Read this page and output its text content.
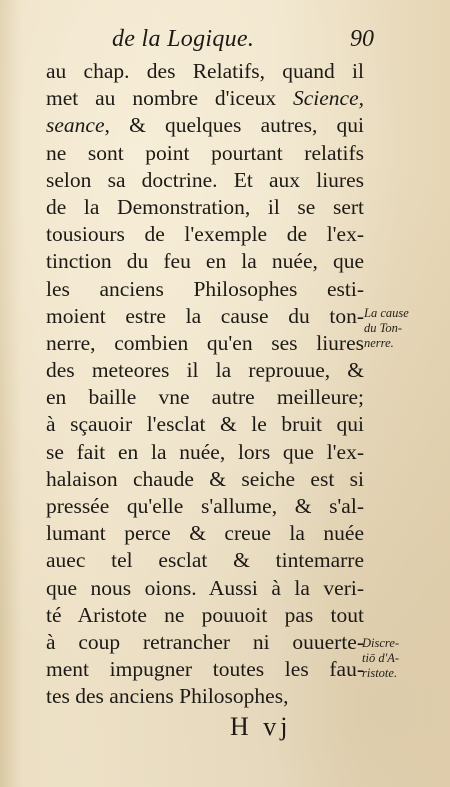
de la Logique.	90
au chap. des Relatifs, quand il
met au nombre d'iceux Science,
seance, & quelques autres, qui
ne sont point pourtant relatifs
selon sa doctrine. Et aux liures
de la Demonstration, il se sert
tousiours de l'exemple de l'ex-
tinction du feu en la nuée, que
les anciens Philosophes esti-
moient estre la cause du ton-
nerre, combien qu'en ses liures
des meteores il la reprouue, &
en baille vne autre meilleure;
à sçauoir l'esclat & le bruit qui
se fait en la nuée, lors que l'ex-
halaison chaude & seiche est si
pressée qu'elle s'allume, & s'al-
lumant perce & creue la nuée
auec tel esclat & tintemarre
que nous oions. Aussi à la veri-
té Aristote ne pouuoit pas tout
à coup retrancher ni ouuerte-
ment impugner toutes les fau-
tes des anciens Philosophes,
La cause
du Ton-
nerre.
Discre-
tiō d'A-
ristote.
H vj
